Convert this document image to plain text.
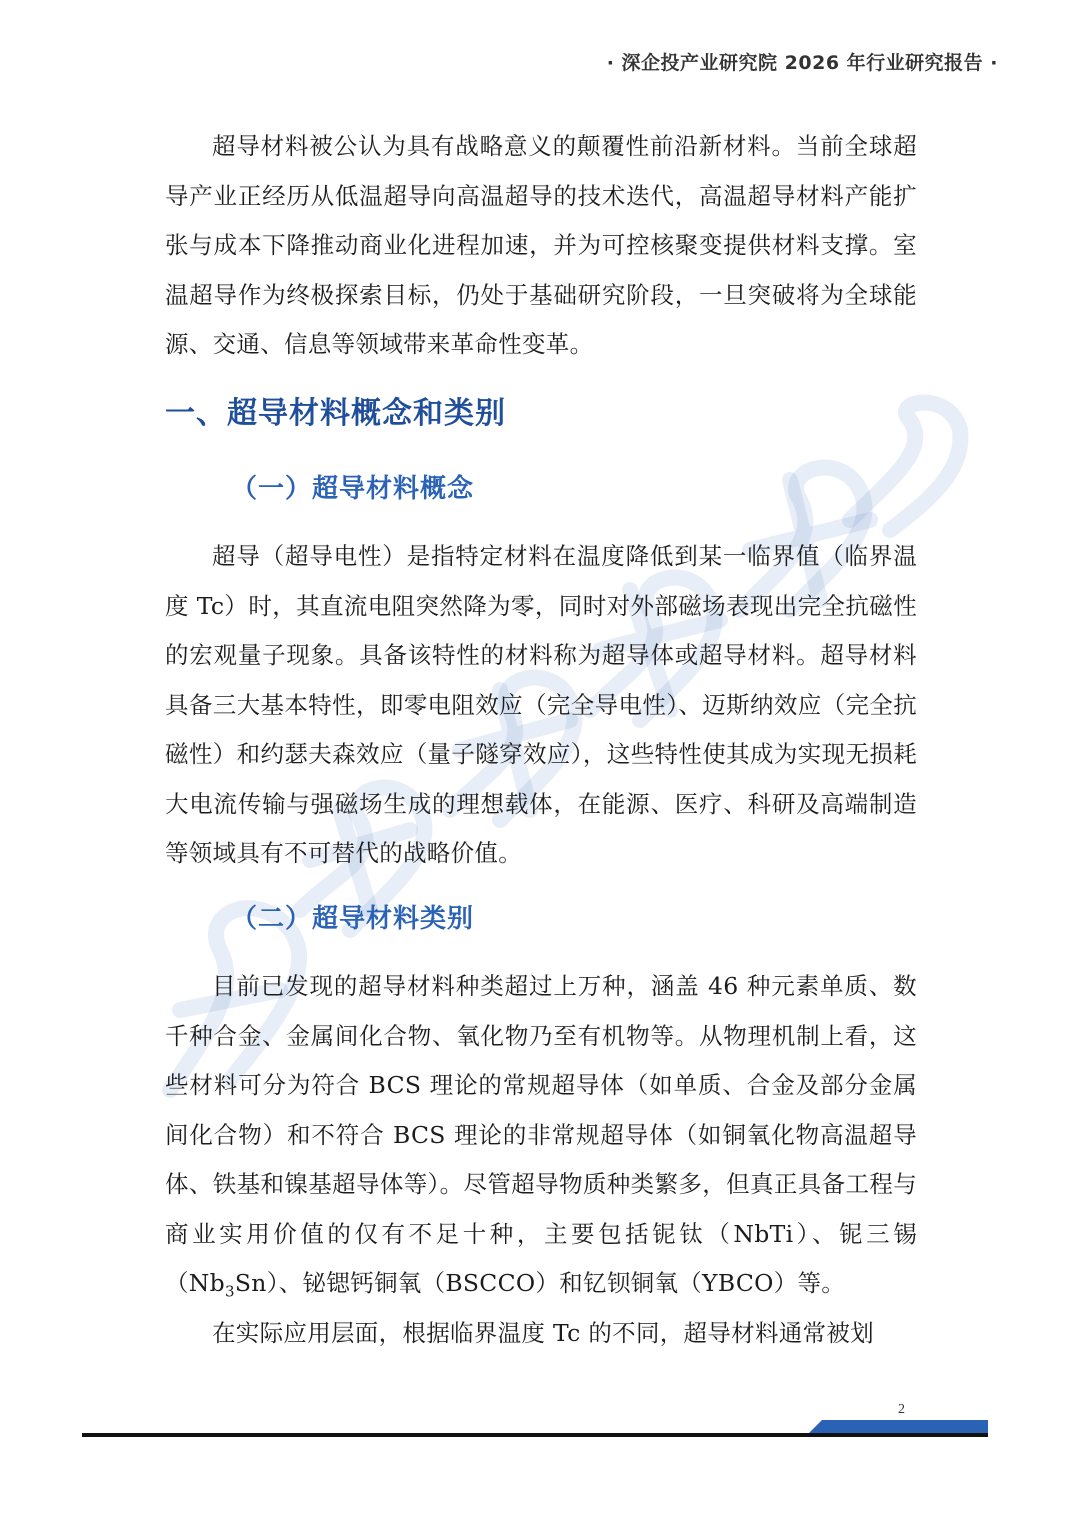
· 深企投产业研究院 2026 年行业研究报告 ·

超导材料被公认为具有战略意义的颠覆性前沿新材料。当前全球超导产业正经历从低温超导向高温超导的技术迭代，高温超导材料产能扩张与成本下降推动商业化进程加速，并为可控核聚变提供材料支撑。室温超导作为终极探索目标，仍处于基础研究阶段，一旦突破将为全球能源、交通、信息等领域带来革命性变革。

一、超导材料概念和类别
（一）超导材料概念

超导（超导电性）是指特定材料在温度降低到某一临界值（临界温度 Tc）时，其直流电阻突然降为零，同时对外部磁场表现出完全抗磁性的宏观量子现象。具备该特性的材料称为超导体或超导材料。超导材料具备三大基本特性，即零电阻效应（完全导电性）、迈斯纳效应（完全抗磁性）和约瑟夫森效应（量子隧穿效应），这些特性使其成为实现无损耗大电流传输与强磁场生成的理想载体，在能源、医疗、科研及高端制造等领域具有不可替代的战略价值。

（二）超导材料类别

目前已发现的超导材料种类超过上万种，涵盖 46 种元素单质、数千种合金、金属间化合物、氧化物乃至有机物等。从物理机制上看，这些材料可分为符合 BCS 理论的常规超导体（如单质、合金及部分金属间化合物）和不符合 BCS 理论的非常规超导体（如铜氧化物高温超导体、铁基和镍基超导体等）。尽管超导物质种类繁多，但真正具备工程与商业实用价值的仅有不足十种，主要包括铌钛（NbTi）、铌三锡$(Nb_3Sn)$、铋锶钙铜氧（BSCCO）和钇钡铜氧（YBCO）等。

在实际应用层面，根据临界温度 Tc 的不同，超导材料通常被划

2
